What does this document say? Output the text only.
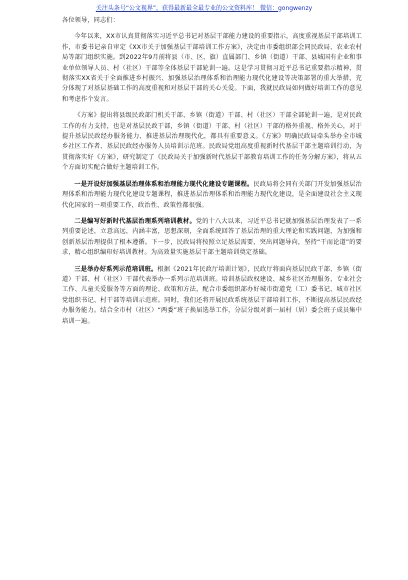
关注头条号“公文视界”，获得最新最全最专业的公文资料库！ 微信：gongwenzy

各位领导，同志们：

今年以来，XX市认真贯彻落实习近平总书记对基层干部能力建设的重要指示，高度重视基层干部培训工作，市委书记亲自审定《XX市关于加强基层干部培训工作方案》，决定由市委组织部会同民政局、农业农村局等部门组织实施。到2022年9月前将县（市、区、旗）直属部门、乡镇（街道）干部、县城国有企业和事业单位领导人员、村（社区）干部等全体基层干部轮训一遍。这是学习贯彻习近平总书记重要指示精神，贯彻落实XX省关于全面推进乡村振兴、加强基层治理体系和治理能力现代化建设等决策部署的重大举措，充分体现了对基层基础工作的高度重视和对基层干部的关心关爱。下面，我就民政局如何做好培训工作的意见和考虑作个发言。

《方案》提出将县级民政部门机关干部、乡镇（街道）干部、村（社区）干部全部轮训一遍，是对民政工作的有力支持，也是对基层民政干部，乡镇（街道）干部、村（社区）干部的格外重视、格外关心，对于提升基层民政经办服务能力、推进基层治理现代化，都具有重要意义。《方案》明确民政局牵头举办全市城乡社区工作者、基层民政经办服务人员培训示范班。民政局党组高度重视新时代基层干部主题培训行动，为贯彻落实好《方案》，研究制定了《民政局关于加强新时代基层干部教育培训工作的任务分解方案》，将从五个方面切实配合做好主题培训工作。

一是开设好加强基层治理体系和治理能力现代化建设专题课程。民政局将会同有关部门开发加强基层治理体系和治理能力现代化建设专题课程，推进基层治理体系和治理能力现代化建设，是全面建设社会主义现代化国家的一项重要工作，政治性、政策性都很强。

二是编写好新时代基层治理系列培训教材。党的十八大以来，习近平总书记就加强基层治理发表了一系列重要论述，立意高远，内涵丰富，思想深刻，全面系统回答了基层治理的重大理论和实践问题，为加强和创新基层治理提供了根本遵循。下一步，民政局将按照立足基层需要、突出问题导向，坚持“干而论道”的要求，精心组织编印好培训教材。为高效量实施基层干部主题培训奠定基础。

三是举办好系列示范培训班。根据《2021年民政厅培训计划》，民政厅将面向基层民政干部、乡镇（街道）干部、村（社区）干部代表举办一系列示范培训班。培训基层政权建设、城乡社区治理服务、专业社会工作、儿童关爱服务等方面的理论、政策和方法，配合市委组织部办好城市街道党（工）委书记、城市社区党组织书记、村干部等培训示范班。同时，我们还将开展民政系统基层干部培训工作，不断提高基层民政经办服务能力。结合全市村（社区）“两委”班子换届选举工作，分层分级对新一届村（居）委会班子成员集中培训一遍。
